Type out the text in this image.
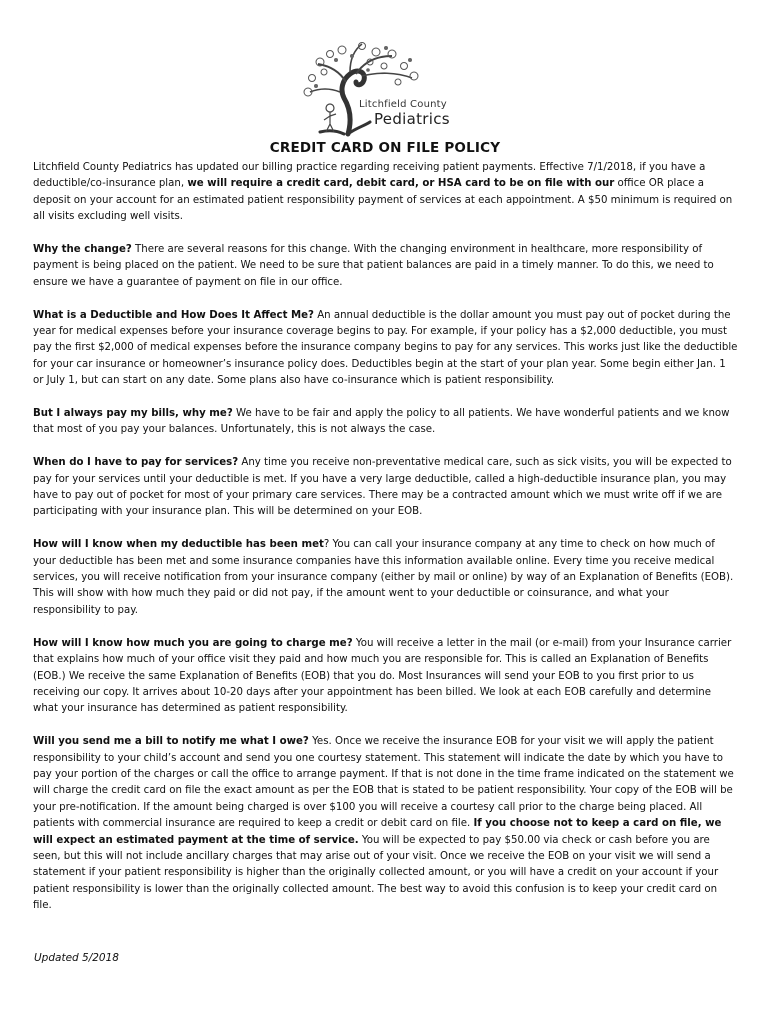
Litchfield County
Pediatrics
CREDIT CARD ON FILE POLICY

Litchfield County Pediatrics has updated our billing practice regarding receiving patient payments. Effective 7/1/2018, if you have a deductible/co-insurance plan, we will require a credit card, debit card, or HSA card to be on file with our office OR place a deposit on your account for an estimated patient responsibility payment of services at each appointment. A $50 minimum is required on all visits excluding well visits.

Why the change? There are several reasons for this change. With the changing environment in healthcare, more responsibility of payment is being placed on the patient. We need to be sure that patient balances are paid in a timely manner. To do this, we need to ensure we have a guarantee of payment on file in our office.

What is a Deductible and How Does It Affect Me? An annual deductible is the dollar amount you must pay out of pocket during the year for medical expenses before your insurance coverage begins to pay. For example, if your policy has a $2,000 deductible, you must pay the first $2,000 of medical expenses before the insurance company begins to pay for any services. This works just like the deductible for your car insurance or homeowner’s insurance policy does. Deductibles begin at the start of your plan year. Some begin either Jan. 1 or July 1, but can start on any date. Some plans also have co-insurance which is patient responsibility.

But I always pay my bills, why me? We have to be fair and apply the policy to all patients. We have wonderful patients and we know that most of you pay your balances. Unfortunately, this is not always the case.

When do I have to pay for services? Any time you receive non-preventative medical care, such as sick visits, you will be expected to pay for your services until your deductible is met. If you have a very large deductible, called a high-deductible insurance plan, you may have to pay out of pocket for most of your primary care services. There may be a contracted amount which we must write off if we are participating with your insurance plan. This will be determined on your EOB.

How will I know when my deductible has been met? You can call your insurance company at any time to check on how much of your deductible has been met and some insurance companies have this information available online. Every time you receive medical services, you will receive notification from your insurance company (either by mail or online) by way of an Explanation of Benefits (EOB). This will show with how much they paid or did not pay, if the amount went to your deductible or coinsurance, and what your responsibility to pay.

How will I know how much you are going to charge me? You will receive a letter in the mail (or e-mail) from your Insurance carrier that explains how much of your office visit they paid and how much you are responsible for. This is called an Explanation of Benefits (EOB.) We receive the same Explanation of Benefits (EOB) that you do. Most Insurances will send your EOB to you first prior to us receiving our copy. It arrives about 10-20 days after your appointment has been billed. We look at each EOB carefully and determine what your insurance has determined as patient responsibility.

Will you send me a bill to notify me what I owe? Yes. Once we receive the insurance EOB for your visit we will apply the patient responsibility to your child’s account and send you one courtesy statement. This statement will indicate the date by which you have to pay your portion of the charges or call the office to arrange payment. If that is not done in the time frame indicated on the statement we will charge the credit card on file the exact amount as per the EOB that is stated to be patient responsibility. Your copy of the EOB will be your pre-notification. If the amount being charged is over $100 you will receive a courtesy call prior to the charge being placed. All patients with commercial insurance are required to keep a credit or debit card on file. If you choose not to keep a card on file, we will expect an estimated payment at the time of service. You will be expected to pay $50.00 via check or cash before you are seen, but this will not include ancillary charges that may arise out of your visit. Once we receive the EOB on your visit we will send a statement if your patient responsibility is higher than the originally collected amount, or you will have a credit on your account if your patient responsibility is lower than the originally collected amount. The best way to avoid this confusion is to keep your credit card on file.

Updated 5/2018
